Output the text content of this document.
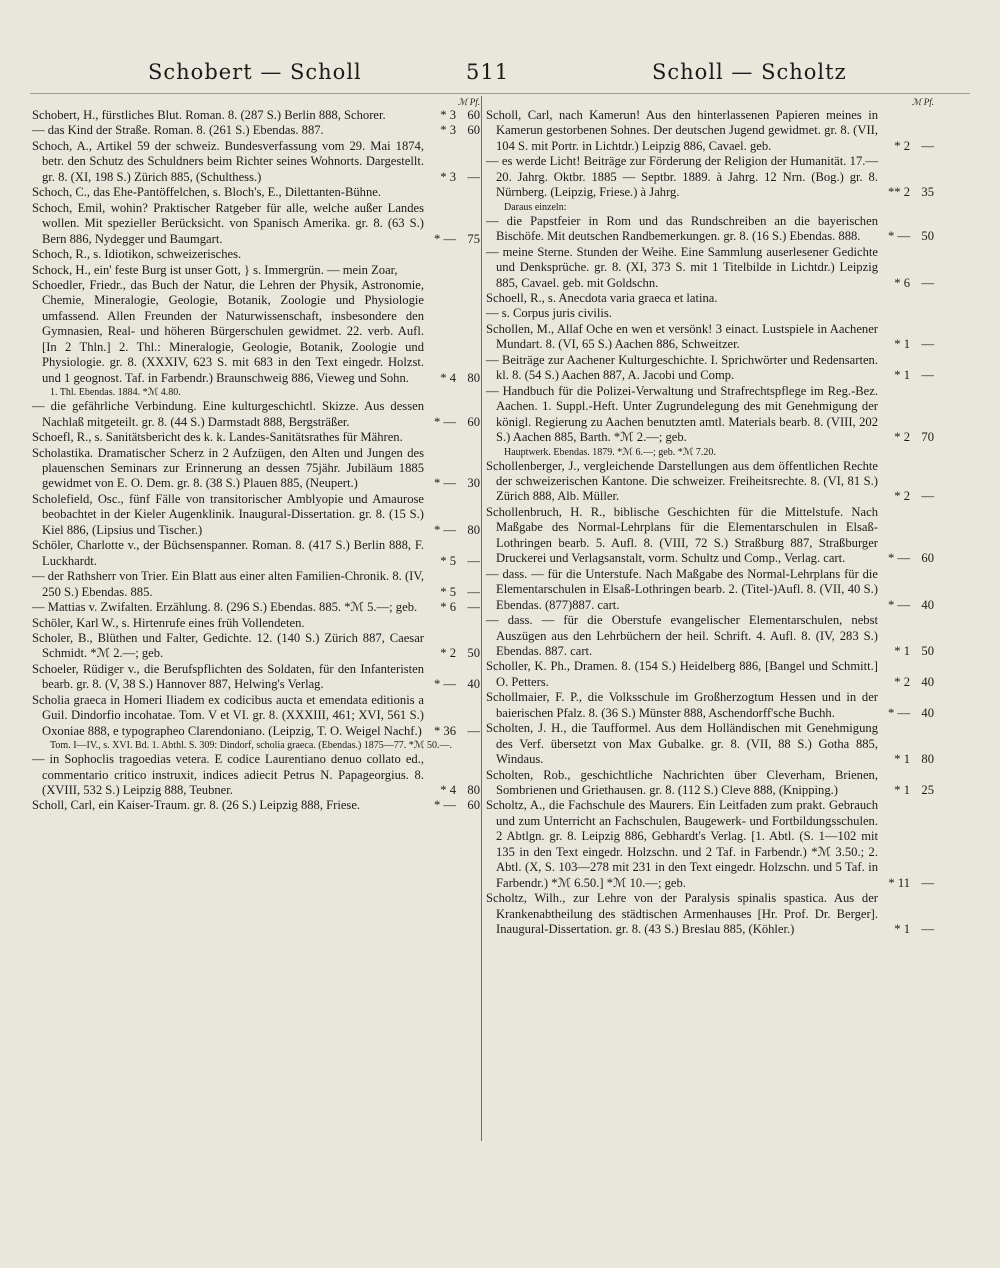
Schobert — Scholl	511	Scholl — Scholtz
ℳ Pf.
Schobert, H., fürstliches Blut. Roman. 8. (287 S.) Berlin 888, Schorer.	* 3 60
— das Kind der Straße. Roman. 8. (261 S.) Ebendas. 887.	* 3 60
Schoch, A., Artikel 59 der schweiz. Bundesverfassung vom 29. Mai 1874, betr. den Schutz des Schuldners beim Richter seines Wohnorts. Dargestellt. gr. 8. (XI, 198 S.) Zürich 885, (Schulthess.)	* 3 —
Schoch, C., das Ehe-Pantöffelchen, s. Bloch's, E., Dilettanten-Bühne.
Schoch, Emil, wohin? Praktischer Ratgeber für alle, welche außer Landes wollen. Mit spezieller Berücksicht. von Spanisch Amerika. gr. 8. (63 S.) Bern 886, Nydegger und Baumgart.	* — 75
Schoch, R., s. Idiotikon, schweizerisches.
Schock, H., ein' feste Burg ist unser Gott, } s. Immergrün. — mein Zoar,
Schoedler, Friedr., das Buch der Natur, die Lehren der Physik, Astronomie, Chemie, Mineralogie, Geologie, Botanik, Zoologie und Physiologie umfassend. Allen Freunden der Naturwissenschaft, insbesondere den Gymnasien, Real- und höheren Bürgerschulen gewidmet. 22. verb. Aufl. [In 2 Thln.] 2. Thl.: Mineralogie, Geologie, Botanik, Zoologie und Physiologie. gr. 8. (XXXIV, 623 S. mit 683 in den Text eingedr. Holzst. und 1 geognost. Taf. in Farbendr.) Braunschweig 886, Vieweg und Sohn.	* 4 80
1. Thl. Ebendas. 1884. *ℳ 4.80.
— die gefährliche Verbindung. Eine kulturgeschichtl. Skizze. Aus dessen Nachlaß mitgeteilt. gr. 8. (44 S.) Darmstadt 888, Bergsträßer.	* — 60
Schoefl, R., s. Sanitätsbericht des k. k. Landes-Sanitätsrathes für Mähren.
Scholastika. Dramatischer Scherz in 2 Aufzügen, den Alten und Jungen des plauenschen Seminars zur Erinnerung an dessen 75jähr. Jubiläum 1885 gewidmet von E. O. Dem. gr. 8. (38 S.) Plauen 885, (Neupert.)	* — 30
Scholefield, Osc., fünf Fälle von transitorischer Amblyopie und Amaurose beobachtet in der Kieler Augenklinik. Inaugural-Dissertation. gr. 8. (15 S.) Kiel 886, (Lipsius und Tischer.)	* — 80
Schöler, Charlotte v., der Büchsenspanner. Roman. 8. (417 S.) Berlin 888, F. Luckhardt.	* 5 —
— der Rathsherr von Trier. Ein Blatt aus einer alten Familien-Chronik. 8. (IV, 250 S.) Ebendas. 885.	* 5 —
— Mattias v. Zwifalten. Erzählung. 8. (296 S.) Ebendas. 885. *ℳ 5.—; geb.	* 6 —
Schöler, Karl W., s. Hirtenrufe eines früh Vollendeten.
Scholer, B., Blüthen und Falter, Gedichte. 12. (140 S.) Zürich 887, Caesar Schmidt. *ℳ 2.—; geb.	* 2 50
Schoeler, Rüdiger v., die Berufspflichten des Soldaten, für den Infanteristen bearb. gr. 8. (V, 38 S.) Hannover 887, Helwing's Verlag.	* — 40
Scholia graeca in Homeri Iliadem ex codicibus aucta et emendata editionis a Guil. Dindorfio incohatae. Tom. V et VI. gr. 8. (XXXIII, 461; XVI, 561 S.) Oxoniae 888, e typographeo Clarendoniano. (Leipzig, T. O. Weigel Nachf.) * 36 —
Tom. I—IV., s. XVI. Bd. 1. Abthl. S. 309: Dindorf, scholia graeca. (Ebendas.) 1875—77. *ℳ 50.—.
— in Sophoclis tragoedias vetera. E codice Laurentiano denuo collato ed., commentario critico instruxit, indices adiecit Petrus N. Papageorgius. 8. (XVIII, 532 S.) Leipzig 888, Teubner.	* 4 80
Scholl, Carl, ein Kaiser-Traum. gr. 8. (26 S.) Leipzig 888, Friese.	* — 60
ℳ Pf.
Scholl, Carl, nach Kamerun! Aus den hinterlassenen Papieren meines in Kamerun gestorbenen Sohnes. Der deutschen Jugend gewidmet. gr. 8. (VII, 104 S. mit Portr. in Lichtdr.) Leipzig 886, Cavael. geb.	* 2 —
— es werde Licht! Beiträge zur Förderung der Religion der Humanität. 17.—20. Jahrg. Oktbr. 1885 — Septbr. 1889. à Jahrg. 12 Nrn. (Bog.) gr. 8. Nürnberg. (Leipzig, Friese.) à Jahrg.	** 2 35
Daraus einzeln:
— die Papstfeier in Rom und das Rundschreiben an die bayerischen Bischöfe. Mit deutschen Randbemerkungen. gr. 8. (16 S.) Ebendas. 888.	* — 50
— meine Sterne. Stunden der Weihe. Eine Sammlung auserlesener Gedichte und Denksprüche. gr. 8. (XI, 373 S. mit 1 Titelbilde in Lichtdr.) Leipzig 885, Cavael. geb. mit Goldschn.	* 6 —
Schoell, R., s. Anecdota varia graeca et latina.
— s. Corpus juris civilis.
Schollen, M., Allaf Oche en wen et versönk! 3 einact. Lustspiele in Aachener Mundart. 8. (VI, 65 S.) Aachen 886, Schweitzer.	* 1 —
— Beiträge zur Aachener Kulturgeschichte. I. Sprichwörter und Redensarten. kl. 8. (54 S.) Aachen 887, A. Jacobi und Comp.	* 1 —
— Handbuch für die Polizei-Verwaltung und Strafrechtspflege im Reg.-Bez. Aachen. 1. Suppl.-Heft. Unter Zugrundelegung des mit Genehmigung der königl. Regierung zu Aachen benutzten amtl. Materials bearb. 8. (VIII, 202 S.) Aachen 885, Barth. *ℳ 2.—; geb.	* 2 70
Hauptwerk. Ebendas. 1879. *ℳ 6.—; geb. *ℳ 7.20.
Schollenberger, J., vergleichende Darstellungen aus dem öffentlichen Rechte der schweizerischen Kantone. Die schweizer. Freiheitsrechte. 8. (VI, 81 S.) Zürich 888, Alb. Müller.	* 2 —
Schollenbruch, H. R., biblische Geschichten für die Mittelstufe. Nach Maßgabe des Normal-Lehrplans für die Elementarschulen in Elsaß-Lothringen bearb. 5. Aufl. 8. (VIII, 72 S.) Straßburg 887, Straßburger Druckerei und Verlagsanstalt, vorm. Schultz und Comp., Verlag. cart.	* — 60
— dass. — für die Unterstufe. Nach Maßgabe des Normal-Lehrplans für die Elementarschulen in Elsaß-Lothringen bearb. 2. (Titel-)Aufl. 8. (VII, 40 S.) Ebendas. (877)887. cart.	* — 40
— dass. — für die Oberstufe evangelischer Elementarschulen, nebst Auszügen aus den Lehrbüchern der heil. Schrift. 4. Aufl. 8. (IV, 283 S.) Ebendas. 887. cart.	* 1 50
Scholler, K. Ph., Dramen. 8. (154 S.) Heidelberg 886, [Bangel und Schmitt.] O. Petters.	* 2 40
Schollmaier, F. P., die Volksschule im Großherzogtum Hessen und in der baierischen Pfalz. 8. (36 S.) Münster 888, Aschendorff'sche Buchh.	* — 40
Scholten, J. H., die Taufformel. Aus dem Holländischen mit Genehmigung des Verf. übersetzt von Max Gubalke. gr. 8. (VII, 88 S.) Gotha 885, Windaus.	* 1 80
Scholten, Rob., geschichtliche Nachrichten über Cleverham, Brienen, Sombrienen und Griethausen. gr. 8. (112 S.) Cleve 888, (Knipping.)	* 1 25
Scholtz, A., die Fachschule des Maurers. Ein Leitfaden zum prakt. Gebrauch und zum Unterricht an Fachschulen, Baugewerk- und Fortbildungsschulen. 2 Abtlgn. gr. 8. Leipzig 886, Gebhardt's Verlag. [1. Abtl. (S. 1—102 mit 135 in den Text eingedr. Holzschn. und 2 Taf. in Farbendr.) *ℳ 3.50.; 2. Abtl. (X, S. 103—278 mit 231 in den Text eingedr. Holzschn. und 5 Taf. in Farbendr.) *ℳ 6.50.] *ℳ 10.—; geb.	* 11 —
Scholtz, Wilh., zur Lehre von der Paralysis spinalis spastica. Aus der Krankenabtheilung des städtischen Armenhauses [Hr. Prof. Dr. Berger]. Inaugural-Dissertation. gr. 8. (43 S.) Breslau 885, (Köhler.)	* 1 —
